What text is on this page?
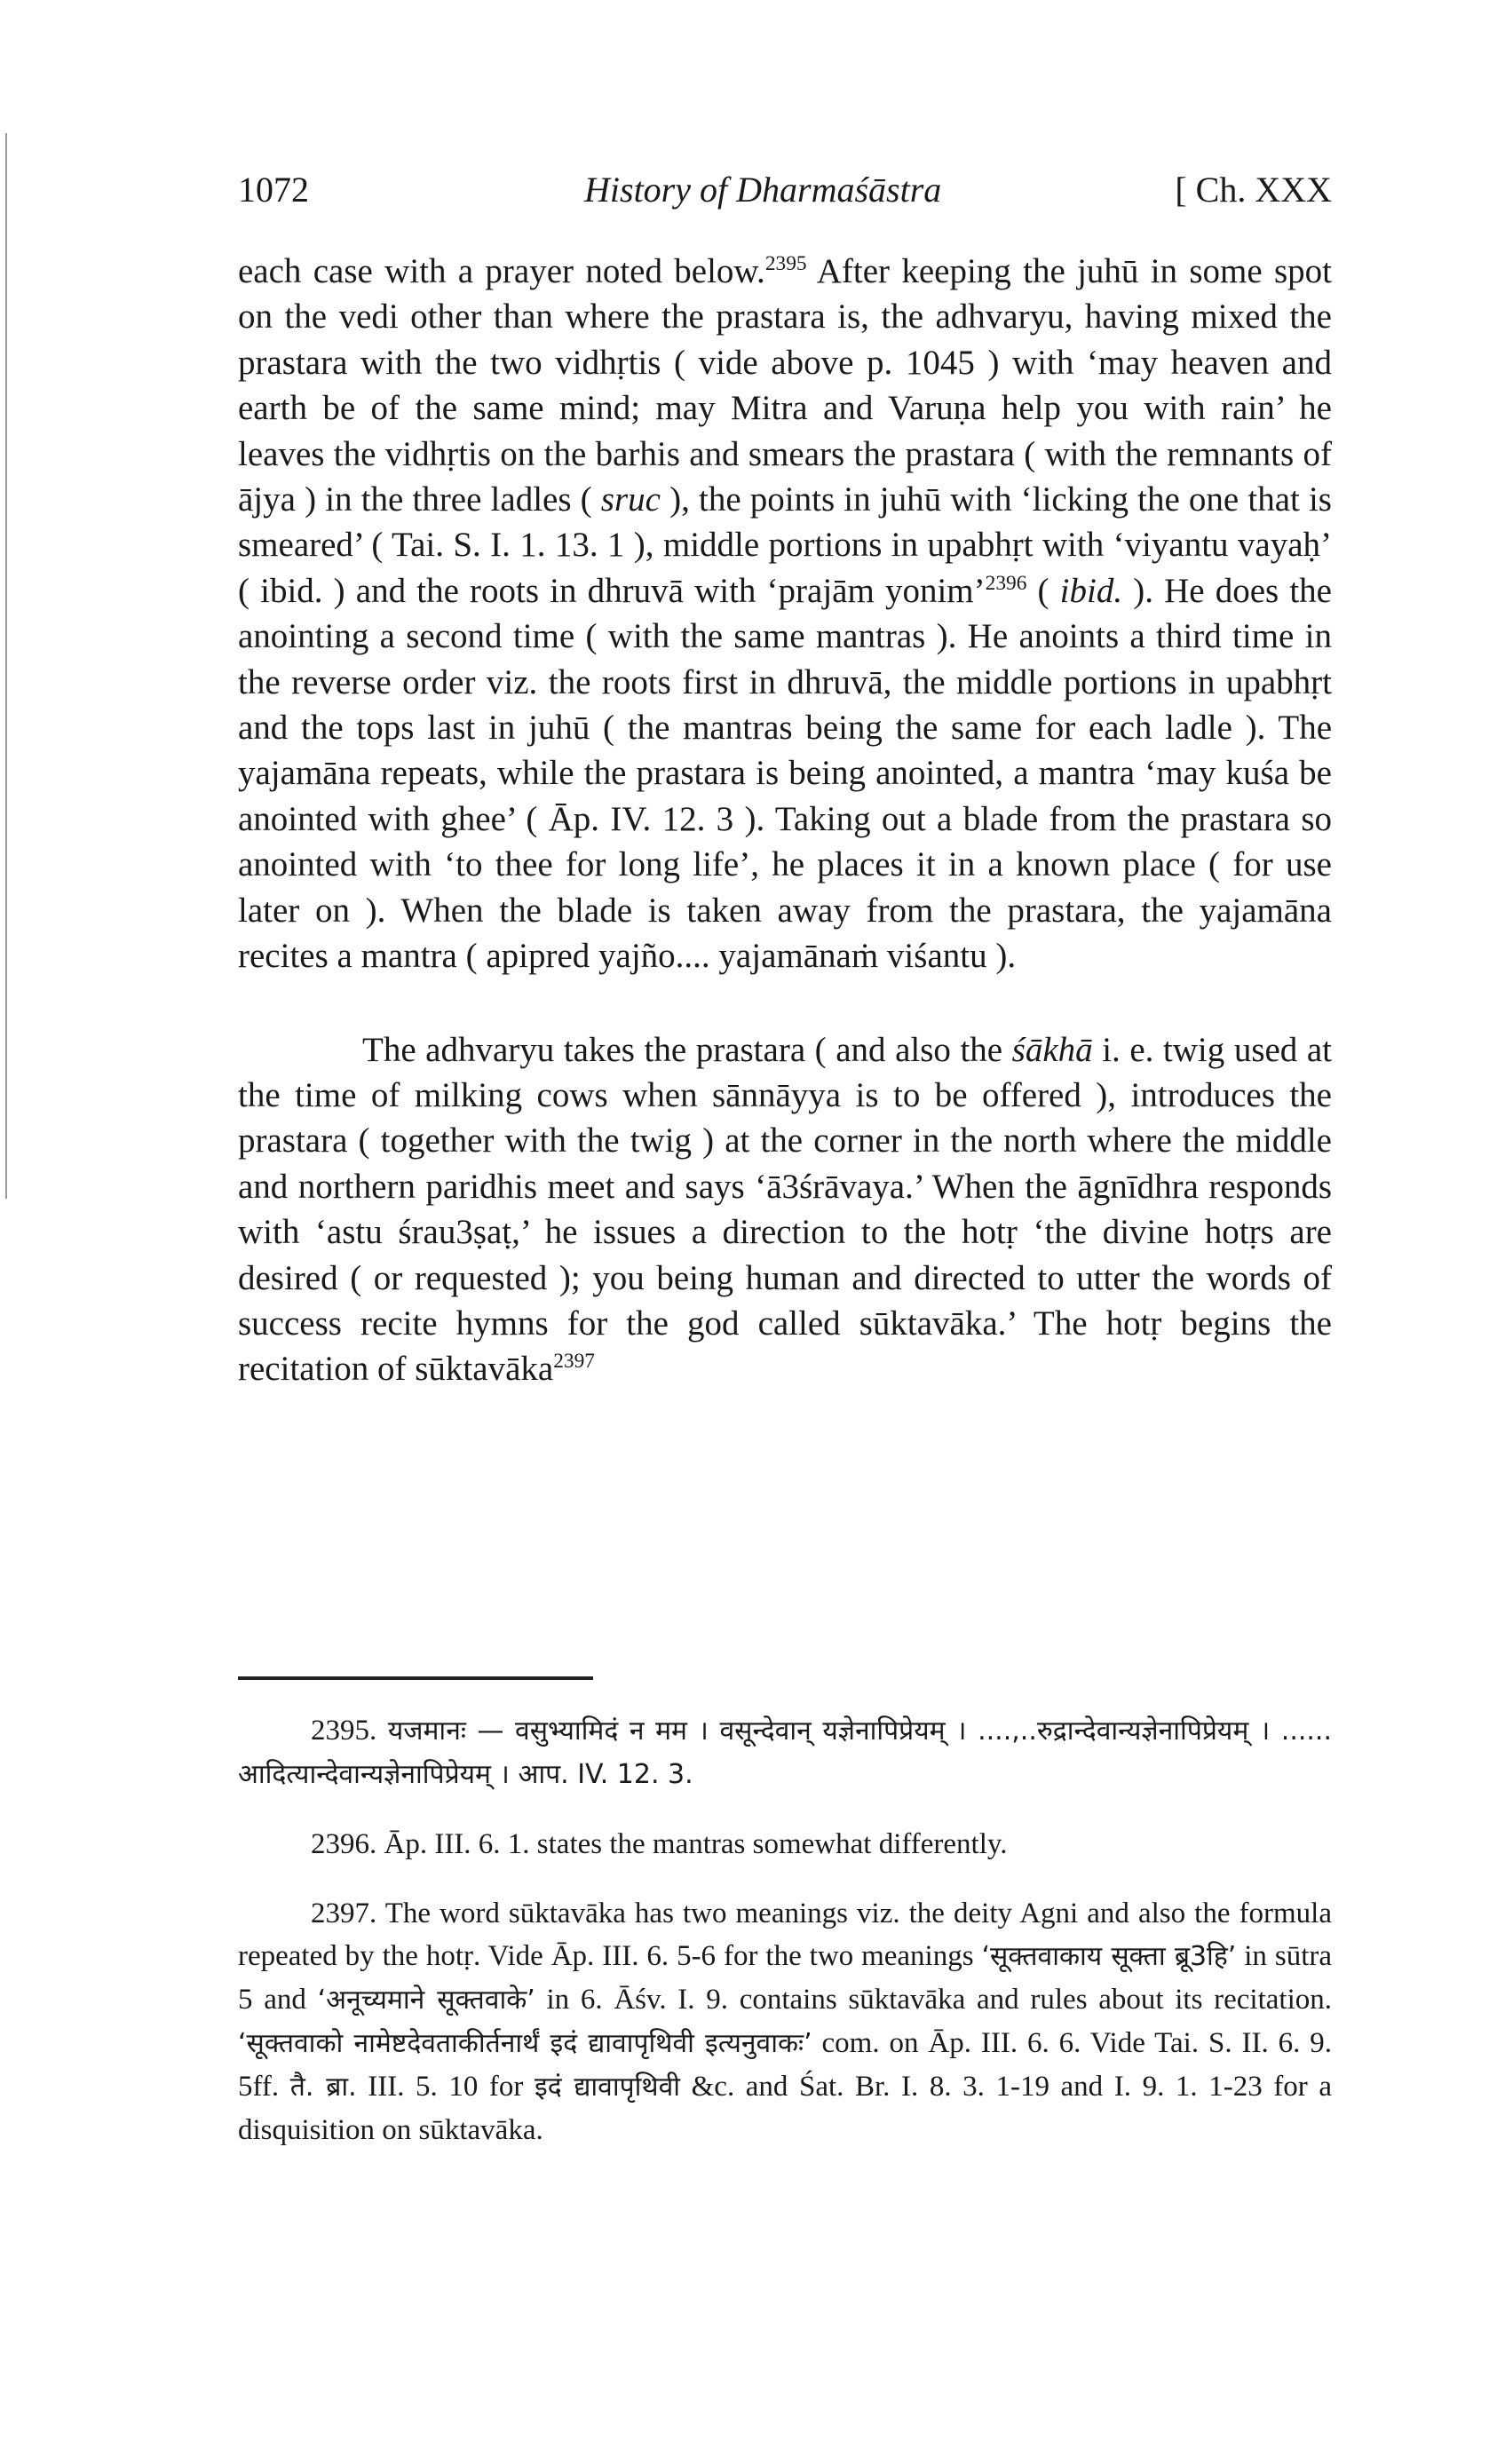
1072	History of Dharmaśāstra	[ Ch. XXX

each case with a prayer noted below.$^{2395}$ After keeping the juhū in some spot on the vedi other than where the prastara is, the adhvaryu, having mixed the prastara with the two vidhṛtis ( vide above p. 1045 ) with ‘may heaven and earth be of the same mind; may Mitra and Varuṇa help you with rain’ he leaves the vidhṛtis on the barhis and smears the prastara ( with the remnants of ājya ) in the three ladles ( sruc ), the points in juhū with ‘licking the one that is smeared’ ( Tai. S. I. 1. 13. 1 ), middle portions in upabhṛt with ‘viyantu vayaḥ’ ( ibid. ) and the roots in dhruvā with ‘prajām yonim’$^{2396}$ ( ibid. ). He does the anointing a second time ( with the same mantras ). He anoints a third time in the reverse order viz. the roots first in dhruvā, the middle portions in upabhṛt and the tops last in juhū ( the mantras being the same for each ladle ). The yajamāna repeats, while the prastara is being anointed, a mantra ‘may kuśa be anointed with ghee’ ( Āp. IV. 12. 3 ). Taking out a blade from the prastara so anointed with ‘to thee for long life’, he places it in a known place ( for use later on ). When the blade is taken away from the prastara, the yajamāna recites a mantra ( apipred yajño.... yajamānaṁ viśantu ).

The adhvaryu takes the prastara ( and also the śākhā i. e. twig used at the time of milking cows when sānnāyya is to be offered ), introduces the prastara ( together with the twig ) at the corner in the north where the middle and northern paridhis meet and says ‘ā3śrāvaya.’ When the āgnīdhra responds with ‘astu śrau3ṣaṭ,’ he issues a direction to the hotṛ ‘the divine hotṛs are desired ( or requested ); you being human and directed to utter the words of success recite hymns for the god called sūktavāka.’ The hotṛ begins the recitation of sūktavāka$^{2397}$

2395. यजमानः — वसुभ्यामिदं न मम । वसून्देवान् यज्ञेनापिप्रेयम् । ....,..रुद्रान्देवान्यज्ञेनापिप्रेयम् । ...... आदित्यान्देवान्यज्ञेनापिप्रेयम् । आप. IV. 12. 3.

2396. Āp. III. 6. 1. states the mantras somewhat differently.

2397. The word sūktavāka has two meanings viz. the deity Agni and also the formula repeated by the hotṛ. Vide Āp. III. 6. 5-6 for the two meanings ‘सूक्तवाकाय सूक्ता ब्रू3हि’ in sūtra 5 and ‘अनूच्यमाने सूक्तवाके’ in 6. Āśv. I. 9. contains sūktavāka and rules about its recitation. ‘सूक्तवाको नामेष्टदेवताकीर्तनार्थं इदं द्यावापृथिवी इत्यनुवाकः’ com. on Āp. III. 6. 6. Vide Tai. S. II. 6. 9. 5ff. तै. ब्रा. III. 5. 10 for इदं द्यावापृथिवी &c. and Śat. Br. I. 8. 3. 1-19 and I. 9. 1. 1-23 for a disquisition on sūktavāka.
